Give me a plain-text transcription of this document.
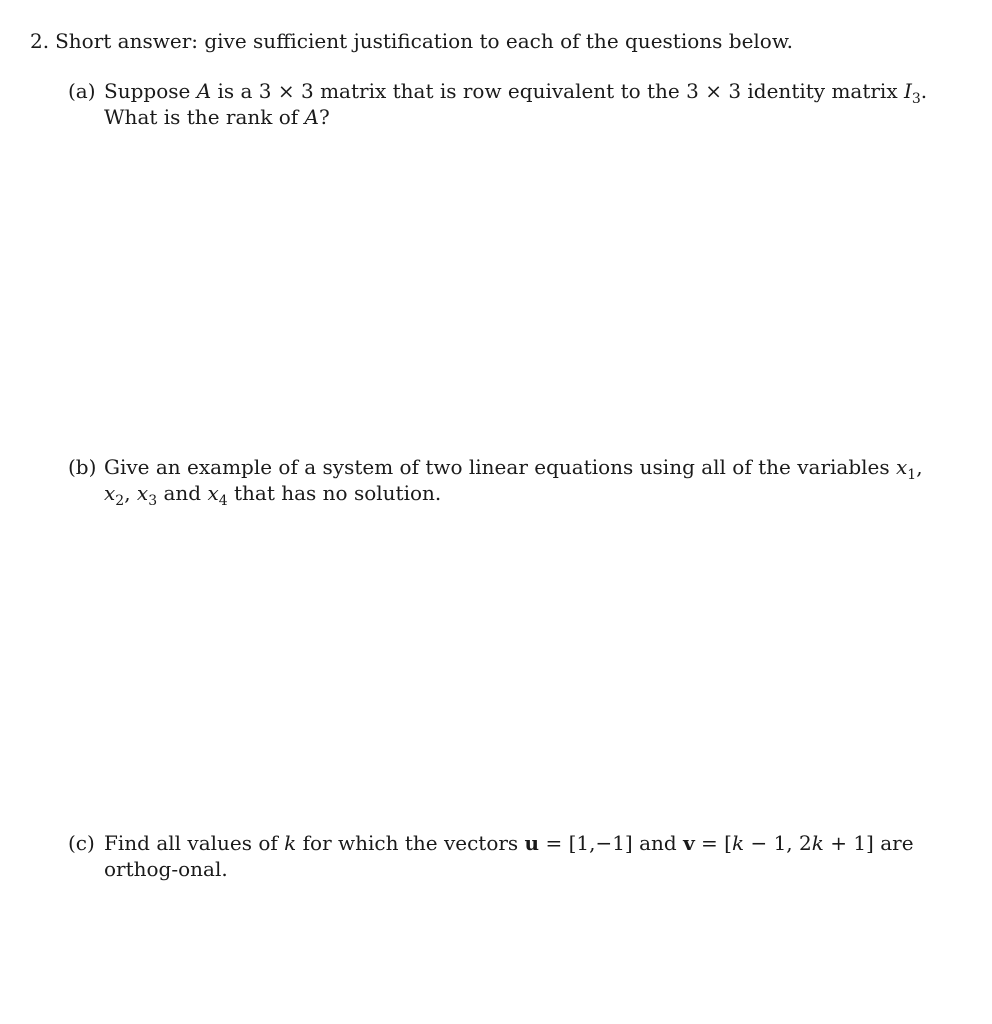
2. Short answer: give sufficient justification to each of the questions below.
(a) Suppose A is a 3 × 3 matrix that is row equivalent to the 3 × 3 identity matrix $I_3$. What is the rank of A?
(b) Give an example of a system of two linear equations using all of the variables $x_1$, $x_2$, $x_3$ and $x_4$ that has no solution.
(c) Find all values of k for which the vectors u = [1,−1] and v = [k − 1, 2k + 1] are orthog-onal.
